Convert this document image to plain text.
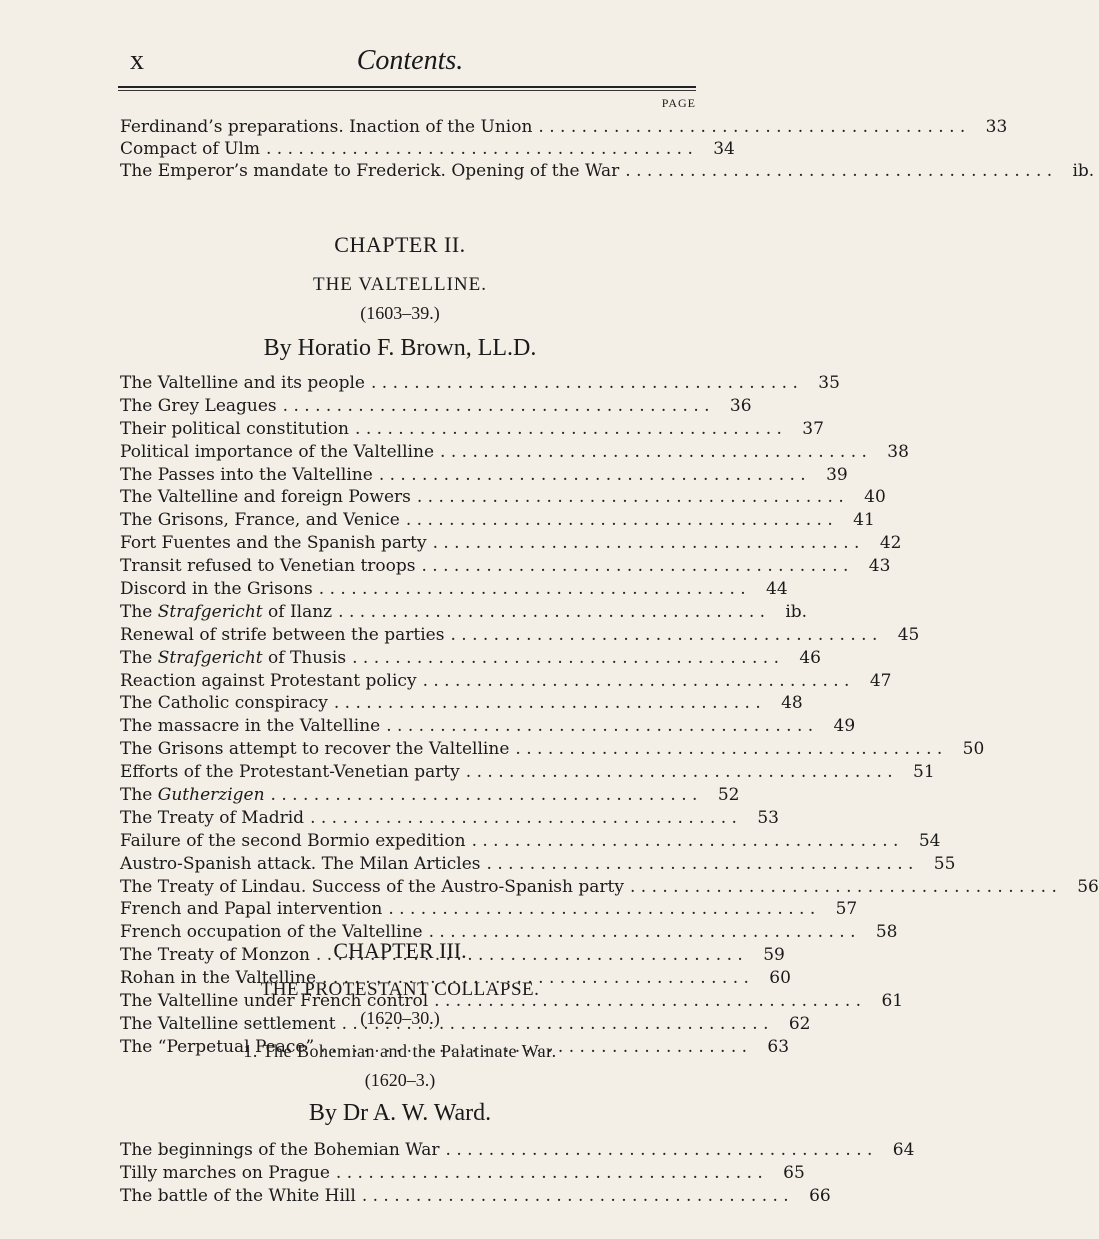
x	Contents.
PAGE
Ferdinand’s preparations. Inaction of the Union . . .	33
Compact of Ulm . . .	34
The Emperor’s mandate to Frederick. Opening of the War . . .	ib.
CHAPTER II.
THE VALTELLINE.
(1603–39.)
By Horatio F. Brown, LL.D.
The Valtelline and its people . . .	35
The Grey Leagues . . .	36
Their political constitution . . .	37
Political importance of the Valtelline . . .	38
The Passes into the Valtelline . . .	39
The Valtelline and foreign Powers . . .	40
The Grisons, France, and Venice . . .	41
Fort Fuentes and the Spanish party . . .	42
Transit refused to Venetian troops . . .	43
Discord in the Grisons . . .	44
The Strafgericht of Ilanz . . .	ib.
Renewal of strife between the parties . . .	45
The Strafgericht of Thusis . . .	46
Reaction against Protestant policy . . .	47
The Catholic conspiracy . . .	48
The massacre in the Valtelline . . .	49
The Grisons attempt to recover the Valtelline . . .	50
Efforts of the Protestant-Venetian party . . .	51
The Gutherzigen . . .	52
The Treaty of Madrid . . .	53
Failure of the second Bormio expedition . . .	54
Austro-Spanish attack. The Milan Articles . . .	55
The Treaty of Lindau. Success of the Austro-Spanish party . . .	56
French and Papal intervention . . .	57
French occupation of the Valtelline . . .	58
The Treaty of Monzon . . .	59
Rohan in the Valtelline . . .	60
The Valtelline under French control . . .	61
The Valtelline settlement . . .	62
The “Perpetual Peace” . . .	63
CHAPTER III.
THE PROTESTANT COLLAPSE.
(1620–30.)
1. The Bohemian and the Palatinate War.
(1620–3.)
By Dr A. W. Ward.
The beginnings of the Bohemian War . . .	64
Tilly marches on Prague . . .	65
The battle of the White Hill . . .	66
